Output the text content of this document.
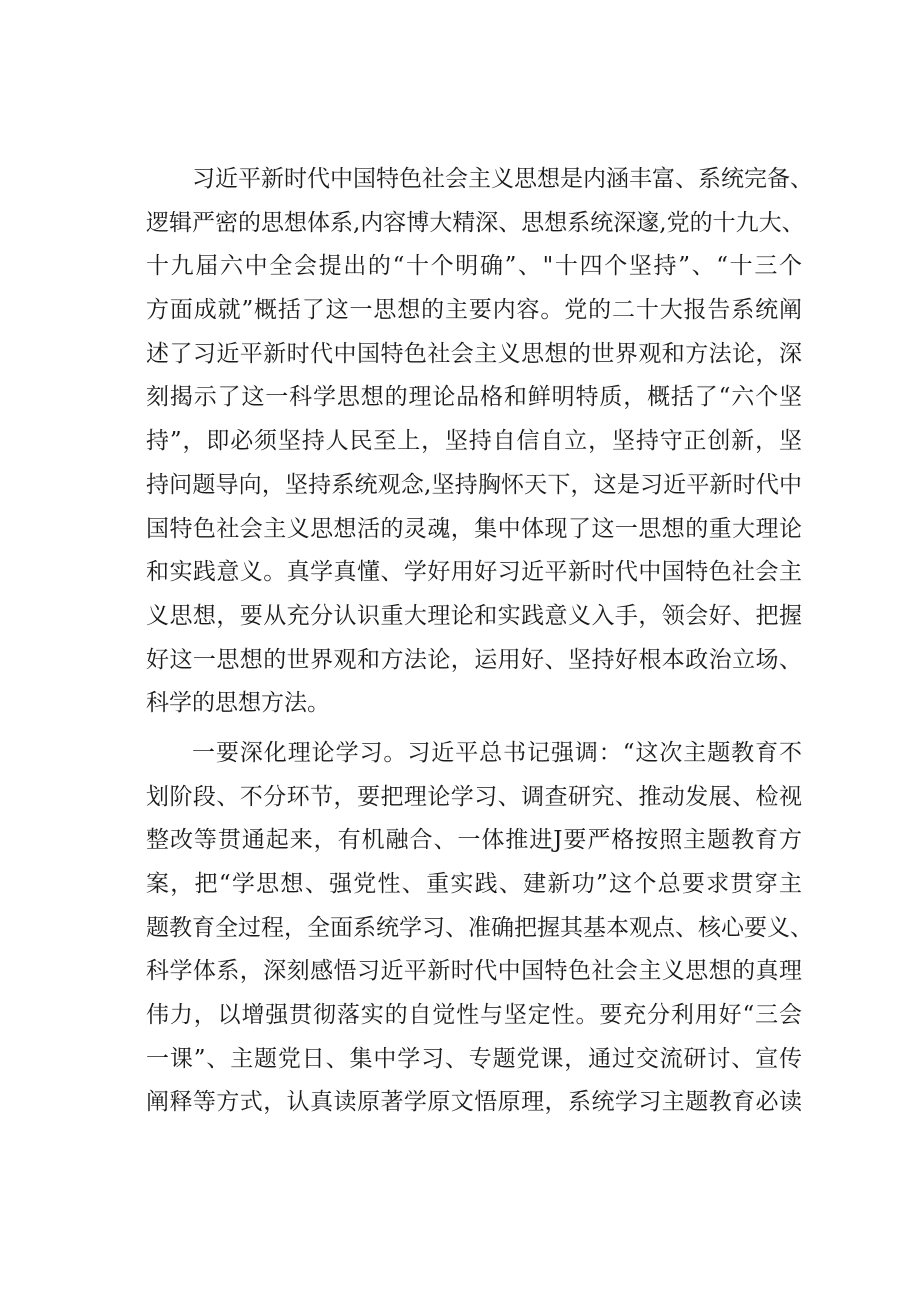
习近平新时代中国特色社会主义思想是内涵丰富、系统完备、
逻辑严密的思想体系,内容博大精深、思想系统深邃,党的十九大、
十九届六中全会提出的“十个明确”、"十四个坚持”、“十三个
方面成就”概括了这一思想的主要内容。党的二十大报告系统阐
述了习近平新时代中国特色社会主义思想的世界观和方法论，深
刻揭示了这一科学思想的理论品格和鲜明特质，概括了“六个坚
持”，即必须坚持人民至上，坚持自信自立，坚持守正创新，坚
持问题导向，坚持系统观念,坚持胸怀天下，这是习近平新时代中
国特色社会主义思想活的灵魂，集中体现了这一思想的重大理论
和实践意义。真学真懂、学好用好习近平新时代中国特色社会主
义思想，要从充分认识重大理论和实践意义入手，领会好、把握
好这一思想的世界观和方法论，运用好、坚持好根本政治立场、
科学的思想方法。

一要深化理论学习。习近平总书记强调：“这次主题教育不
划阶段、不分环节，要把理论学习、调查研究、推动发展、检视
整改等贯通起来，有机融合、一体推进J要严格按照主题教育方
案，把“学思想、强党性、重实践、建新功”这个总要求贯穿主
题教育全过程，全面系统学习、准确把握其基本观点、核心要义、
科学体系，深刻感悟习近平新时代中国特色社会主义思想的真理
伟力，以增强贯彻落实的自觉性与坚定性。要充分利用好“三会
一课”、主题党日、集中学习、专题党课，通过交流研讨、宣传
阐释等方式，认真读原著学原文悟原理，系统学习主题教育必读
